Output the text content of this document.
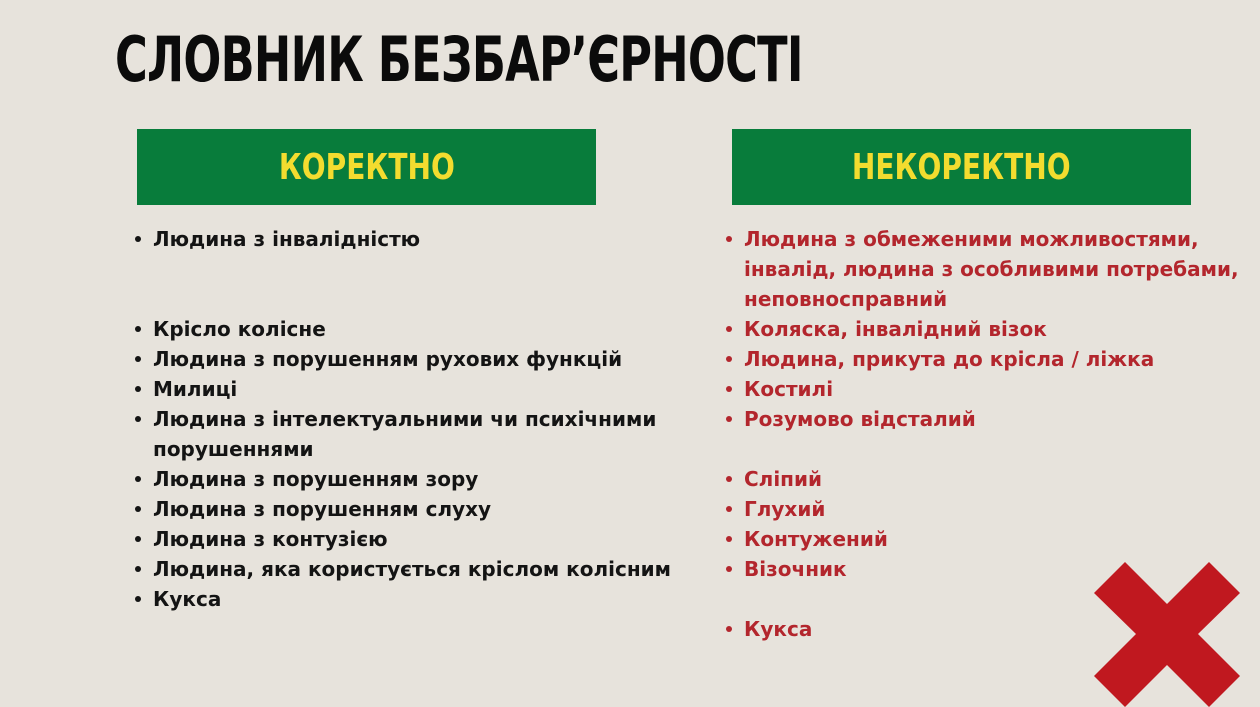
СЛОВНИК БЕЗБАР’ЄРНОСТІ
КОРЕКТНО	НЕКОРЕКТНО
Людина з інвалідністю
Крісло колісне
Людина з порушенням рухових функцій
Милиці
Людина з інтелектуальними чи психічними порушеннями
Людина з порушенням зору
Людина з порушенням слуху
Людина з контузією
Людина, яка користується кріслом колісним
Кукса
Людина з обмеженими можливостями, інвалід, людина з особливими потребами, неповносправний
Коляска, інвалідний візок
Людина, прикута до крісла / ліжка
Костилі
Розумово відсталий
Сліпий
Глухий
Контужений
Візочник
Кукса
